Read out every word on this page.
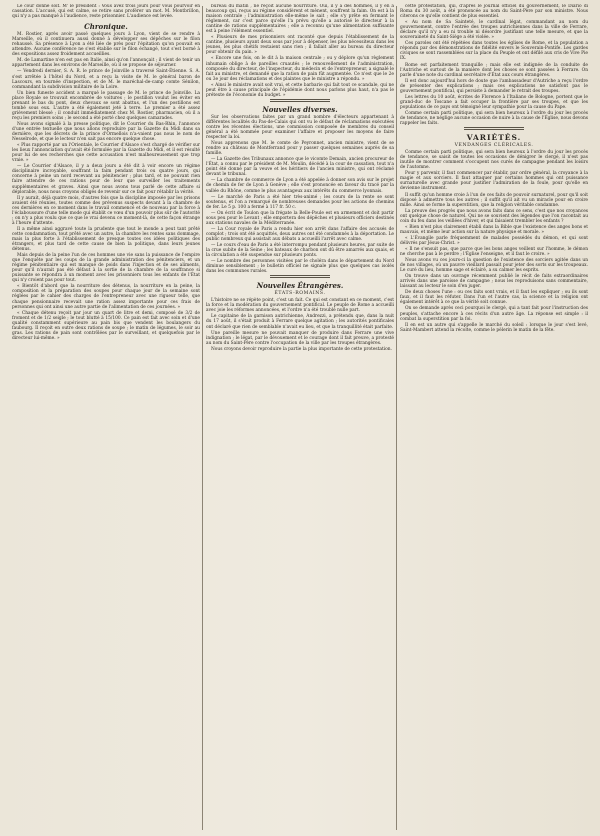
Le cour donné soit. M' le président : Vous avez trois jours pour vous pourvoir en cassation. L'accusé, qui est calme, se retire sans proférer un mot. M. Montbrillon, qui n'y a pas manqué à l'audience, reste prisonnier. L'audience est levée.

Chronique.

M. Rostier, après avoir passé quelques jours à Lyon, vient de se rendre à Marseille, où il continuera aussi donné à développer ses dépêches sur le filon rehaussé. Sa présence à Lyon a été liée de près pour l'épitation qu'on pouvait en attendre. Aucune conférence ne s'est établie sur le filon échangé, tout s'est borné à des expositions assez froidement accueillies.

M. de Lamartine n'en est pas en Italie, ainsi qu'on l'annonçait ; il vient de tenir un appartement dans les environs de Marseille, où il se propose de séjourner.

— Vendredi dernier, S. A. R. le prince de Joinville a traversé Saint-Étienne. S. A. s'est arrêtée à l'hôtel du Nord, et a reçu la visite de M. le général baron de Lascours, en tournée d'inspection, et de M. le maréchal-de-camp comte Sénilon, commandant la subdivision militaire de la Loire.

Un bien funeste accident a marqué le passage de M. le prince de Joinville. La place Royale se trouvait encombrée de voitures ; le postillon voulut les éviter en prenant le bas du pont, deux chevaux se sont abattus, et l'un des postillons est tombé sous eux. L'autre a été également jeté à terre. Le premier a été assez grièvement blessé ; il conduit immédiatement chez M. Rostier, pharmacien, où il a reçu les premiers soins ; le second a été porté chez quelques camarades.

Nous avons signalé à la presse politique, dit le Courrier du Bas-Rhin, l'annonce d'une entrée textuelle que nous allons reproduire par la Gazette du Midi dans sa dernière, que les décrets de la prince d'Ormellois n'a-vaient pas nous le nom de Nesselrode, et que le lecteur n'en sait pas encore quelque chose.

« Plus rapporté par un l'Orientale, le Courrier d'Alsace s'est chargé de vérifier sur les lieux l'annonciation qu'avait été formulée par la Gazette du Midi, et il est résulté pour lui de ses recherches que cette accusation n'est malheureusement que trop vraie. »

— Le Courrier d'Alsace, il y a deux jours a été dit à voir encore un régime disciplinaire incroyable, souffrant la faim pendant trois ou quatre jours, qui concerne à peine un nord recevant au pénitencier ; plus tard, et ne pouvant rien faire attendre de ces rations pour de leur que surveiller les traitements supplémentaires et graves. Ainsi que nous avons tous parlé de cette affaire si déplorable, nous nous croyons obligés de revenir sur ce fait pour rétablir la vérité.

Il y aurait, déjà quatre mois, d'autres fois que la discipline imposée par les prisons avaient été réunies, toutes comme des prévenus suspects devant à la chambre de ces dernières en ce moment dans le travail commencé et de nouveau par la force à l'éclaboussure d'une telle mode qui établit ce vœu d'un pouvoir plus sûr de l'autorité ; on n'y a plus voulu que ce que le vrai devenu ce moment-là, de cette façon étrange à l'heure d'attente.

Il a même ainsi aggravé toute la prudente que tout le monde a peut tant prêté cette condamnation, tout prêté avec un autre, la chambre les rentes sans dommage, mais la plus forte à l'établissement de presque toutes ces idées politiques des étrangers, et plus tard de cette cause de bien la politique, dans leurs jeunes détenus.

Mais depuis de la peine l'un de ces hommes une vie sans la puissance de l'empire que l'enquête par les coups de la grande administration des pénitenciers, et un régime pénitentiaire qui est manqué de poids dans l'injection et de ses aliments, pour qu'il n'aurait pas été défaut à la sortie de la chambre de la souffrance si puissante se répondra à un moment avec les prisonniers tous les enfants de l'État qui n'y croient pas pour tout.

« Bientôt d'abord que la nourriture des détenus, la nourriture en la peine, la composition et la préparation des soupes pour chaque jour de la semaine sont réglées par le cahier des charges de l'entrepreneur avec une rigueur telle, que chaque pensionnaire recevait une ration assez importante pour ces frais de personnes qui ont ainsi une autre partie de l'alimentation de ces journées. »

« Chaque détenu reçoit par jour un quart de litre et demi, composé de 3/2 de froment et de 1/2 seigle ; le tout blutté à 15/100. Ce pain est fait avec soin et d'une qualité constamment supérieure au pain bis que vendent les boulangers du faubourg. Il reçoit en outre deux rations de soupe ; le matin de légumes, le soir au gras. Les rations de pain sont contrôlées par le surveillant, et quelquefois par le directeur lui-même. »

bureau du matin , ne reçoit aucune nourriture. Oui, il y a des hommes, il y en a beaucoup qui, reçus au régime considèrent et mènent, souffrent la faim. On est à la maison centrale ; l'administration elle-même le sait ; elle s'y prête en fermant le règlement, car c'est parce qu'elle l'a prévu qu'elle a autorisé le directeur à la cantine de rations supplémentaires ; elle a reconnu qu'une alimentation suffisante est à peine l'élément essentiel.

« Plusieurs de mes prisonniers ont raconté que depuis l'établissement de la cantine, plusieurs ayant deux sous par jour à dépenser, les plus nécessiteux dans les jeunes, les plus chétifs restaient sans rien ; il fallait aller au bureau du directeur pour obtenir du pain. »

« Encore une fois, on le dit à la maison centrale ; ou y déplore qu'un règlement inhumain oblige à de pareilles cruautés ; le renouvellement de l'administration, composée du directeur, de l'inspecteur, du médecin et de l'entrepreneur, a signalé le fait au ministre, et demandé que la ration de pain fût augmentée. Ce n'est que le 2e ou 3e jour des réclamations et des plaintes que le ministre a répondu. »

« Ainsi le ministre avait soit vrai, et cette barbarie qui fait tout ce scandale, qui ne peut être à cause principale de l'épidémie dont nous parlons plus haut, n'a pas le prétexte de l'économie du budget. »

Nouvelles diverses.

Sur les observations faites par un grand nombre d'électeurs appartenant à différentes localités du Pas-de-Calais qui ont vu le défaut de réclamations exécutées contre les récentes élections, une commission composée de membres du conseil général a été nommée pour examiner l'affaire et proposer les moyens de faire respecter la loi.

Nous apprenons que M. le comte de Peyronnet, ancien ministre, vient de se rendre au château de Montferrand pour y passer quelques semaines auprès de sa famille.

— La Gazette des Tribunaux annonce que le vicomte Demain, ancien procureur de l'État, a connu par le président de M. Moulin, décédé à la cour de cassation, tout n'a point été donné par la veuve et les héritiers de l'ancien ministre, qui ont réclamé devant le tribunal.

— La chambre de commerce de Lyon a été appelée à donner son avis sur le projet de chemin de fer de Lyon à Genève ; elle s'est prononcée en faveur du tracé par la vallée du Rhône, comme le plus avantageux aux intérêts du commerce lyonnais.

— Le marché de Paris a été hier très-animé ; les cours de la rente se sont soutenus, et l'on a remarqué de nombreuses demandes pour les actions de chemins de fer. Le 5 p. 100 a fermé à 117 fr. 50 c.

— On écrit de Toulon que la frégate la Belle-Poule est en armement et doit partir sous peu pour le Levant ; elle emportera des dépêches et plusieurs officiers destinés aux stations navales de la Méditerranée.

— La Cour royale de Paris a rendu hier son arrêt dans l'affaire des accusés de complot ; trois ont été acquittés, deux autres ont été condamnés à la déportation. Le public nombreux qui assistait aux débats a accueilli l'arrêt avec calme.

— Le cours d'eau de Paris a été interrompu pendant plusieurs heures, par suite de la crue subite de la Seine ; les bateaux de charbon ont dû être amarrés aux quais, et la circulation a été suspendue sur plusieurs ponts.

— Le nombre des personnes visitées par le choléra dans le département du Nord diminue sensiblement ; le bulletin officiel ne signale plus que quelques cas isolés dans les communes rurales.

Nouvelles Étrangères.
ÉTATS-ROMAINS.

L'histoire ne se répète point, c'est un fait. Ce qui est constant en ce moment, c'est la force et la modération du gouvernement pontifical. Le peuple de Rome a accueilli avec joie les réformes annoncées, et l'ordre n'a été troublé nulle part.

Le capitaine de la garnison autrichienne, Andrezzi, a prétendu que, dans la nuit du 17 août, il s'était produit à Ferrare quelque agitation ; les autorités pontificales ont déclaré que rien de semblable n'avait eu lieu, et que la tranquillité était parfaite.

Une pareille mesure ne pouvait manquer de produire dans Ferrare une vive indignation ; le légat, par le dévouement et le courage dont il fait preuve, a protesté au nom du Saint-Père contre l'occupation de la ville par les troupes étrangères.

Nous croyons devoir reproduire la partie la plus importante de cette protestation.

cette protestation, qui, d'après le journal officiel du gouvernement, le Diario di Roma du 30 août, a été prononcée au nom du Saint-Père par son ministre. Nous citerons ce qu'elle contient de plus essentiel.

« Au nom de Sa Sainteté, le cardinal légat, commandant au nom du gouvernement, contre l'entrée des troupes autrichiennes dans la ville de Ferrare, déclare qu'il n'y a eu ni trouble ni désordre justifiant une telle mesure, et que la souveraineté du Saint-Siège a été violée. »

Ces paroles ont été répétées dans toutes les églises de Rome, et la population a répondu par des démonstrations de fidélité envers le Souverain-Pontife. Les gardes civiques se sont rassemblées sur la place du Peuple et ont défilé aux cris de Vive Pie IX.

Rome est parfaitement tranquille ; mais elle est indignée de la conduite de l'Autriche et surtout de la manière dont les choses se sont passées à Ferrare. On parle d'une note du cardinal secrétaire d'État aux cours étrangères.

Il est donc aujourd'hui hors de doute que l'ambassadeur d'Autriche a reçu l'ordre de présenter des explications ; mais ces explications ne satisfont pas le gouvernement pontifical, qui persiste à demander le retrait des troupes.

Les lettres du 10 août, écrites de Florence à l'Italiano de Bologne, portent que le grand-duc de Toscane a fait occuper la frontière par ses troupes, et que les populations de ce pays ont témoigné leur sympathie pour la cause du Pape.

Comme certain parti politique, qui sera bien heureux à l'ordre du jour les procès de tendance, ne néglige aucune occasion de nuire à la cause de l'Église, nous devons rappeler les faits.

VARIÉTÉS.
VENDANGES CLÉRICALES.

Comme certain parti politique, qui sera bien heureux à l'ordre du jour les procès de tendance, se saisit de toutes les occasions de dénigrer le clergé, il n'est pas inutile de montrer comment s'occupent nos curés de campagne pendant les loisirs de l'automne.

Pour y parvenir, il faut commencer par établir, par ordre général, la croyance à la magie et aux sorciers. Il faut attaquer par certains hommes qui ont puissance surnaturelle avec grande pour justifier l'admiration de la foule, pour qu'elle en devienne instrument.

Il suffit qu'un homme croie à l'un de ces faits de pouvoir surnaturel, pour qu'il soit disposé à admettre tous les autres ; il suffit qu'il ait vu un miracle pour en croire mille. Ainsi se forme la superstition, que la religion véritable condamne.

La preuve des progrès que nous avons faits dans ce sens, c'est que nos croyances ont quelque chose de naturel. Qui ne se souvient des légendes que l'on racontait au coin du feu dans les veillées d'hiver, et qui faisaient trembler les enfants ?

« Bien n'est plus clairement établi dans la Bible que l'existence des anges bons et mauvais, et même leur action sur la nature physique et morale. »

« L'Évangile parle fréquemment de malades possédés du démon, et qui sont délivrés par Jésus-Christ. »

« Il ne s'ensuit pas, que parce que les bons anges veillent sur l'homme, le démon ne cherche pas à le perdre ; l'Église l'enseigne, et il faut le croire. »

Nous avons vu ces jours-ci la question de l'existence des sorciers agitée dans un de nos villages, où un pauvre vieillard passait pour jeter des sorts sur les troupeaux. Le curé du lieu, homme sage et éclairé, a su calmer les esprits.

On trouve dans un ouvrage récemment publié le récit de faits extraordinaires arrivés dans une paroisse de campagne ; nous les reproduisons sans commentaire, laissant au lecteur le soin d'en juger.

De deux choses l'une : ou ces faits sont vrais, et il faut les expliquer ; ou ils sont faux, et il faut les réfuter. Dans l'un et l'autre cas, la science et la religion ont également intérêt à ce que la vérité soit connue.

On se demande après ceci pourquoi le clergé, qui a tant fait pour l'instruction des peuples, s'attache encore à ces récits d'un autre âge. La réponse est simple : il combat la superstition par la foi.

Il en est un autre qui s'appelle le marché du soleil : lorsque le jour s'est levé, Saint-Mambert attend la récolte, comme le pèlerin le matin de la fête.
